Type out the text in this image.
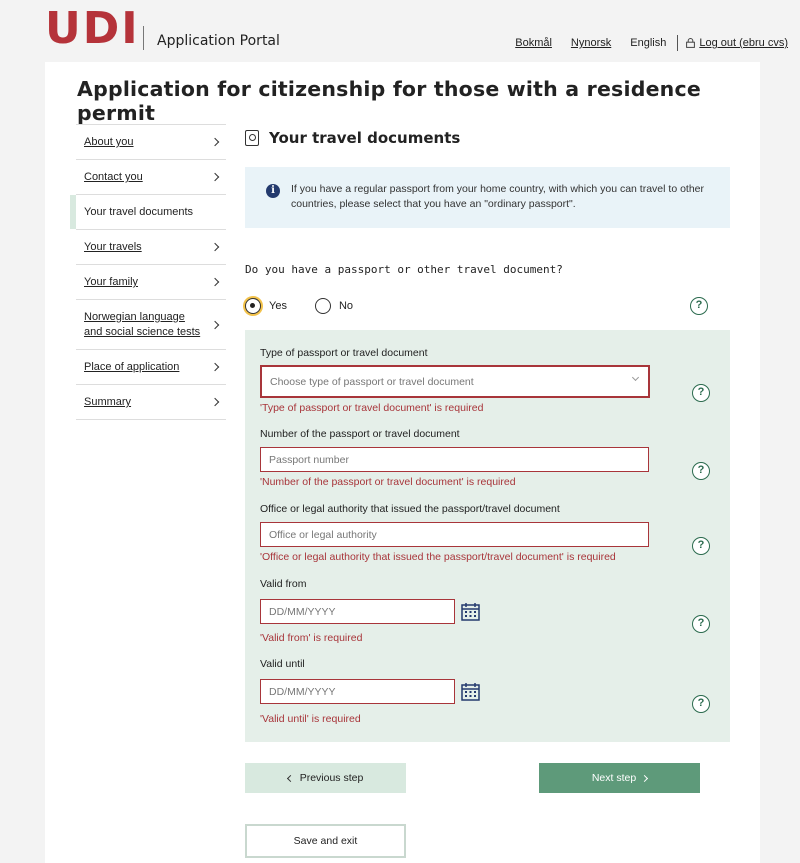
UDI Application Portal	Bokmål Nynorsk English	Log out (ebru cvs)
Application for citizenship for those with a residence permit
About you
Contact you
Your travel documents
Your travels
Your family
Norwegian language and social science tests
Place of application
Summary
Your travel documents
i	If you have a regular passport from your home country, with which you can travel to other countries, please select that you have an "ordinary passport".

Do you have a passport or other travel document?
Yes	No	?
Type of passport or travel document
Choose type of passport or travel document
'Type of passport or travel document' is required
?
Number of the passport or travel document
Passport number
'Number of the passport or travel document' is required
?
Office or legal authority that issued the passport/travel document
Office or legal authority
'Office or legal authority that issued the passport/travel document' is required
?
Valid from
DD/MM/YYYY
'Valid from' is required
?
Valid until
DD/MM/YYYY
'Valid until' is required
?
Previous step	Next step
Save and exit
